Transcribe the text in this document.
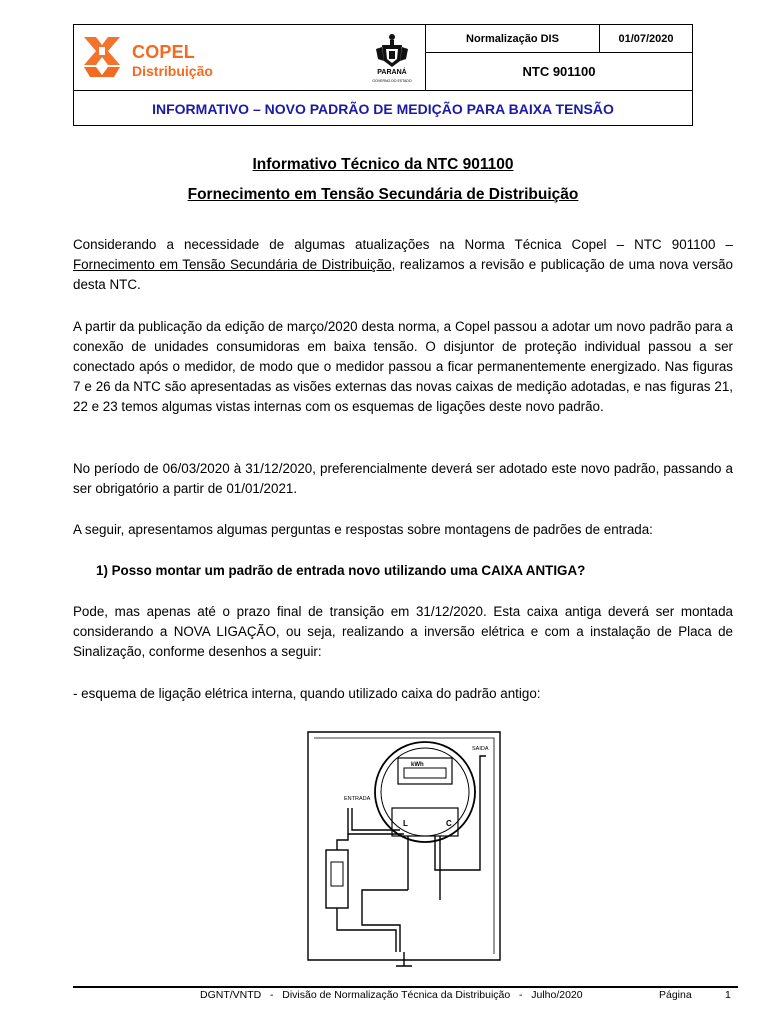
COPEL
Distribuição	PARANÁ
GOVERNO DO ESTADO
Normalização DIS	01/07/2020
NTC 901100
INFORMATIVO – NOVO PADRÃO DE MEDIÇÃO PARA BAIXA TENSÃO
Informativo Técnico da NTC 901100
Fornecimento em Tensão Secundária de Distribuição
Considerando a necessidade de algumas atualizações na Norma Técnica Copel – NTC 901100 – Fornecimento em Tensão Secundária de Distribuição, realizamos a revisão e publicação de uma nova versão desta NTC.
A partir da publicação da edição de março/2020 desta norma, a Copel passou a adotar um novo padrão para a conexão de unidades consumidoras em baixa tensão. O disjuntor de proteção individual passou a ser conectado após o medidor, de modo que o medidor passou a ficar permanentemente energizado. Nas figuras 7 e 26 da NTC são apresentadas as visões externas das novas caixas de medição adotadas, e nas figuras 21, 22 e 23 temos algumas vistas internas com os esquemas de ligações deste novo padrão.
No período de 06/03/2020 à 31/12/2020, preferencialmente deverá ser adotado este novo padrão, passando a ser obrigatório a partir de 01/01/2021.
A seguir, apresentamos algumas perguntas e respostas sobre montagens de padrões de entrada:
1) Posso montar um padrão de entrada novo utilizando uma CAIXA ANTIGA?
Pode, mas apenas até o prazo final de transição em 31/12/2020. Esta caixa antiga deverá ser montada considerando a NOVA LIGAÇÃO, ou seja, realizando a inversão elétrica e com a instalação de Placa de Sinalização, conforme desenhos a seguir:
- esquema de ligação elétrica interna, quando utilizado caixa do padrão antigo:
kWh
ENTRADA
SAIDA
L	C
DGNT/VNTD   -   Divisão de Normalização Técnica da Distribuição   -   Julho/2020	Página	1
